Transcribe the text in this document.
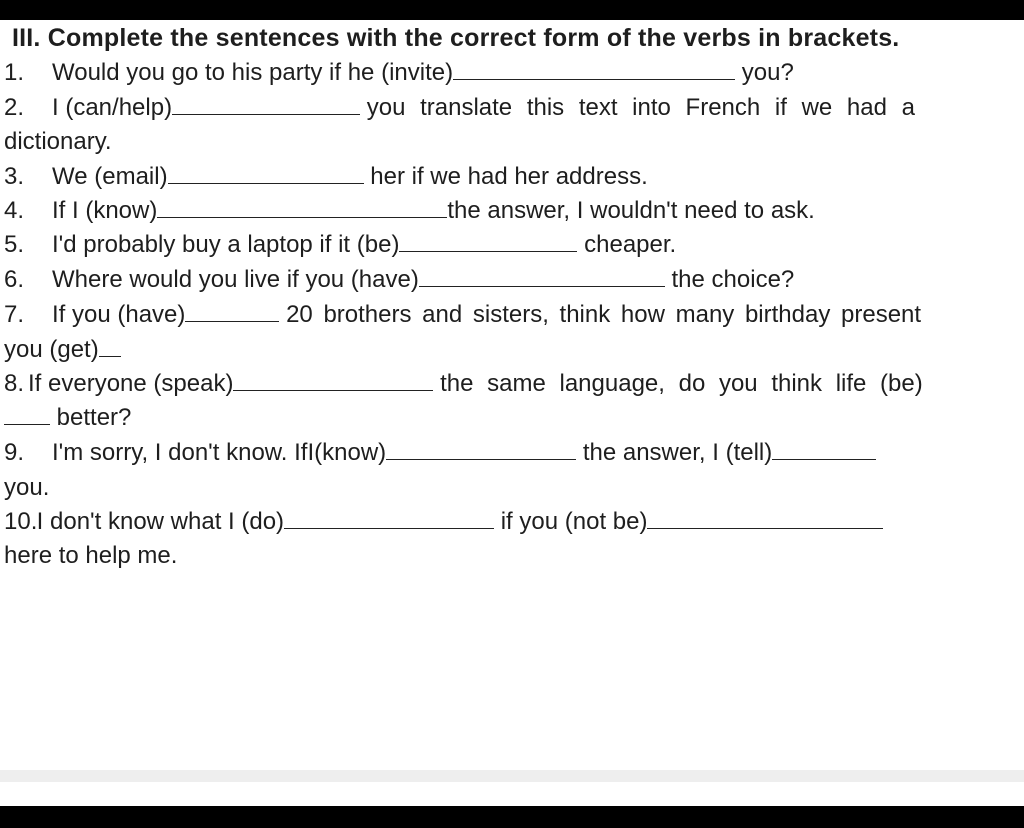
III. Complete the sentences with the correct form of the verbs in brackets.
1. Would you go to his party if he (invite)	you?
2. I (can/help)	you translate this text into French if we had a
dictionary.
3. We (email)	her if we had her address.
4. If I (know)	the answer, I wouldn't need to ask.
5. I'd probably buy a laptop if it (be)	cheaper.
6. Where would you live if you (have)	the choice?
7. If you (have)	20 brothers and sisters, think how many birthday present
you (get)
8. If everyone (speak)	the same language, do you think life (be)
better?
9. I'm sorry, I don't know. IfI(know)	the answer, I (tell)
you.
10. I don't know what I (do)	if you (not be)
here to help me.
